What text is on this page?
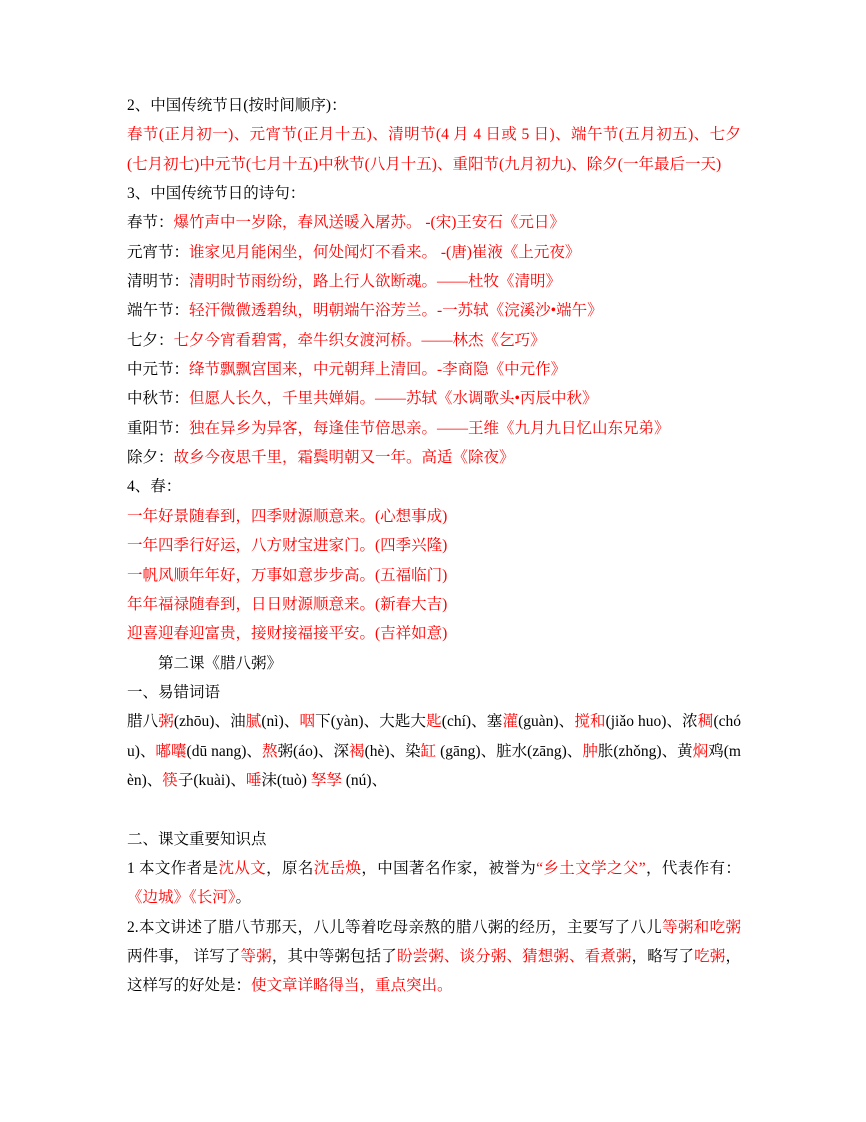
2、中国传统节日(按时间顺序)：

春节(正月初一)、元宵节(正月十五)、清明节(4 月 4 日或 5 日)、端午节(五月初五)、七夕(七月初七)中元节(七月十五)中秋节(八月十五)、重阳节(九月初九)、除夕(一年最后一天)

3、中国传统节日的诗句：

春节：爆竹声中一岁除，春风送暖入屠苏。 -(宋)王安石《元日》

元宵节：谁家见月能闲坐，何处闻灯不看来。 -(唐)崔液《上元夜》

清明节：清明时节雨纷纷，路上行人欲断魂。——杜牧《清明》

端午节：轻汗微微透碧纨，明朝端午浴芳兰。-一苏轼《浣溪沙•端午》

七夕：七夕今宵看碧霄，牵牛织女渡河桥。——林杰《乞巧》

中元节：绛节飘飘宫国来，中元朝拜上清回。-李商隐《中元作》

中秋节：但愿人长久，千里共婵娟。——苏轼《水调歌头•丙辰中秋》

重阳节：独在异乡为异客，每逢佳节倍思亲。——王维《九月九日忆山东兄弟》

除夕：故乡今夜思千里，霜鬓明朝又一年。高适《除夜》

4、春：

一年好景随春到，四季财源顺意来。(心想事成)

一年四季行好运，八方财宝进家门。(四季兴隆)

一帆风顺年年好，万事如意步步高。(五福临门)

年年福禄随春到，日日财源顺意来。(新春大吉)

迎喜迎春迎富贵，接财接福接平安。(吉祥如意)

第二课《腊八粥》

一、易错词语

腊八粥(zhōu)、油腻(nì)、咽下(yàn)、大匙大匙(chí)、塞灌(guàn)、搅和(jiǎo huo)、浓稠(chóu)、嘟囔(dū nang)、熬粥(áo)、深褐(hè)、染缸 (gāng)、脏水(zāng)、肿胀(zhǒng)、黄焖鸡(mèn)、筷子(kuài)、唾沫(tuò) 孥孥 (nú)、

二、课文重要知识点

1 本文作者是沈从文，原名沈岳焕，中国著名作家，被誉为“乡土文学之父”，代表作有：《边城》《长河》。

2.本文讲述了腊八节那天，八儿等着吃母亲熬的腊八粥的经历，主要写了八儿等粥和吃粥两件事， 详写了等粥，其中等粥包括了盼尝粥、谈分粥、猜想粥、看煮粥，略写了吃粥， 这样写的好处是：使文章详略得当，重点突出。
